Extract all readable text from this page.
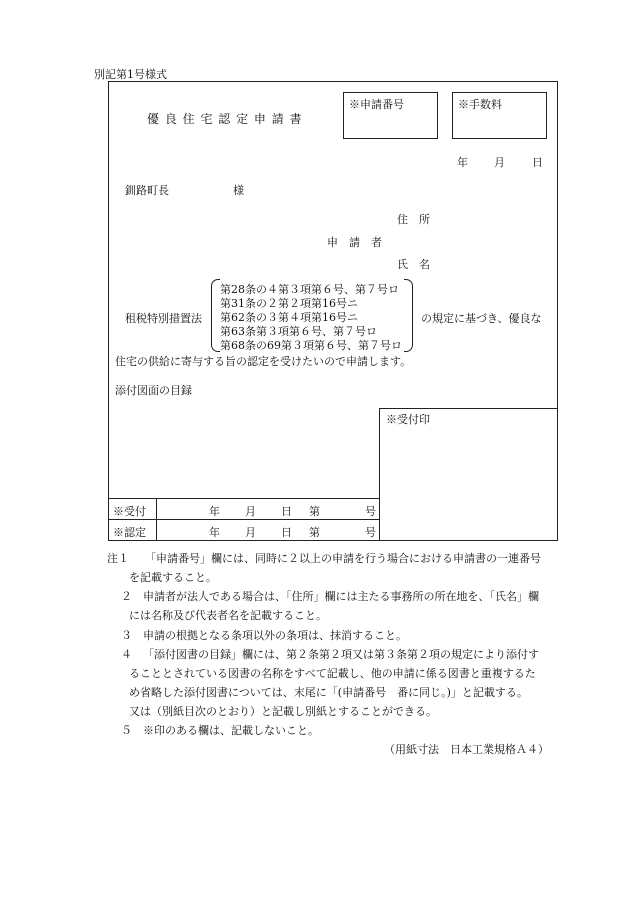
別記第1号様式
優 良 住 宅 認 定 申 請 書
※申請番号	※手数料
年 月 日
釧路町長	様
住　所
申　請　者
氏　名
租税特別措置法
第28条の４第３項第６号、第７号ロ
第31条の２第２項第16号ニ
第62条の３第４項第16号ニ
第63条第３項第６号、第７号ロ
第68条の69第３項第６号、第７号ロ
の規定に基づき、優良な
住宅の供給に寄与する旨の認定を受けたいので申請します。
添付図面の目録
※受付印
※受付	年 月 日 第	号
※認定	年 月 日 第	号
注１ 「申請番号」欄には、同時に２以上の申請を行う場合における申請書の一連番号
を記載すること。
２ 申請者が法人である場合は、「住所」欄には主たる事務所の所在地を、「氏名」欄
には名称及び代表者名を記載すること。
３ 申請の根拠となる条項以外の条項は、抹消すること。
４ 「添付図書の目録」欄には、第２条第２項又は第３条第２項の規定により添付す
ることとされている図書の名称をすべて記載し、他の申請に係る図書と重複するた
め省略した添付図書については、末尾に「(申請番号　番に同じ。)」と記載する。
又は（別紙目次のとおり）と記載し別紙とすることができる。
５ ※印のある欄は、記載しないこと。
（用紙寸法　日本工業規格Ａ４）
